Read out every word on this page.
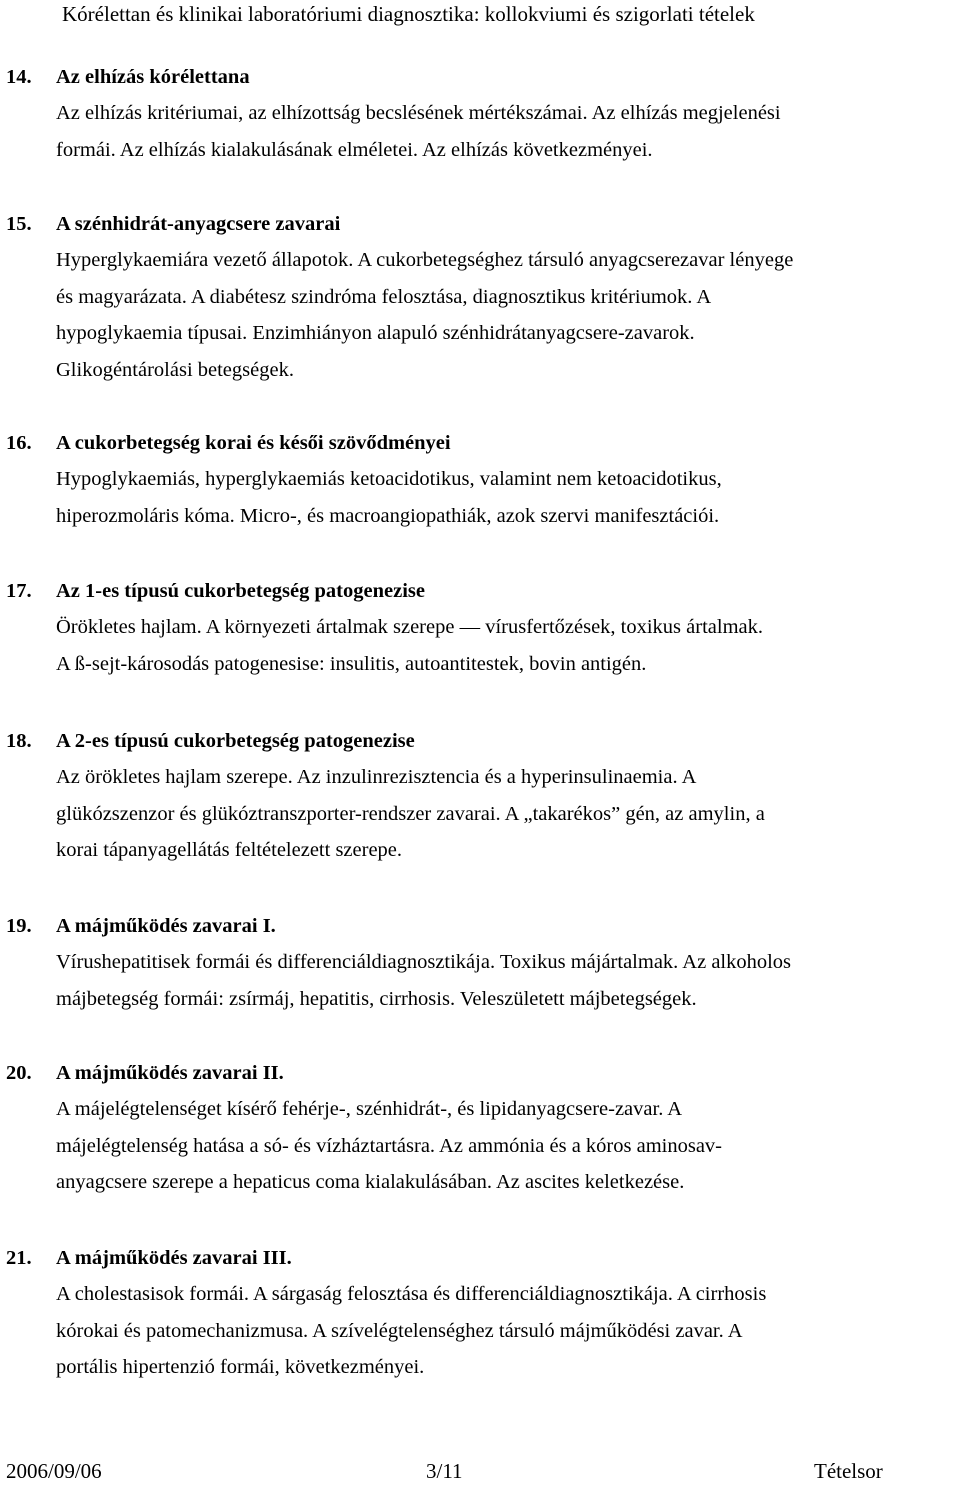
Kórélettan és klinikai laboratóriumi diagnosztika: kollokviumi és szigorlati tételek
14. Az elhízás kórélettana
Az elhízás kritériumai, az elhízottság becslésének mértékszámai. Az elhízás megjelenési
formái. Az elhízás kialakulásának elméletei. Az elhízás következményei.
15. A szénhidrát-anyagcsere zavarai
Hyperglykaemiára vezető állapotok. A cukorbetegséghez társuló anyagcserezavar lényege
és magyarázata. A diabétesz szindróma felosztása, diagnosztikus kritériumok. A
hypoglykaemia típusai. Enzimhiányon alapuló szénhidrátanyagcsere-zavarok.
Glikogéntárolási betegségek.
16. A cukorbetegség korai és késői szövődményei
Hypoglykaemiás, hyperglykaemiás ketoacidotikus, valamint nem ketoacidotikus,
hiperozmoláris kóma. Micro-, és macroangiopathiák, azok szervi manifesztációi.
17. Az 1-es típusú cukorbetegség patogenezise
Örökletes hajlam. A környezeti ártalmak szerepe — vírusfertőzések, toxikus ártalmak.
A ß-sejt-károsodás patogenesise: insulitis, autoantitestek, bovin antigén.
18. A 2-es típusú cukorbetegség patogenezise
Az örökletes hajlam szerepe. Az inzulinrezisztencia és a hyperinsulinaemia. A
glükózszenzor és glükóztranszporter-rendszer zavarai. A „takarékos” gén, az amylin, a
korai tápanyagellátás feltételezett szerepe.
19. A májműködés zavarai I.
Vírushepatitisek formái és differenciáldiagnosztikája. Toxikus májártalmak. Az alkoholos
májbetegség formái: zsírmáj, hepatitis, cirrhosis. Veleszületett májbetegségek.
20. A májműködés zavarai II.
A májelégtelenséget kísérő fehérje-, szénhidrát-, és lipidanyagcsere-zavar. A
májelégtelenség hatása a só- és vízháztartásra. Az ammónia és a kóros aminosav-
anyagcsere szerepe a hepaticus coma kialakulásában. Az ascites keletkezése.
21. A májműködés zavarai III.
A cholestasisok formái. A sárgaság felosztása és differenciáldiagnosztikája. A cirrhosis
kórokai és patomechanizmusa. A szívelégtelenséghez társuló májműködési zavar. A
portális hipertenzió formái, következményei.
2006/09/06	3/11	Tételsor
